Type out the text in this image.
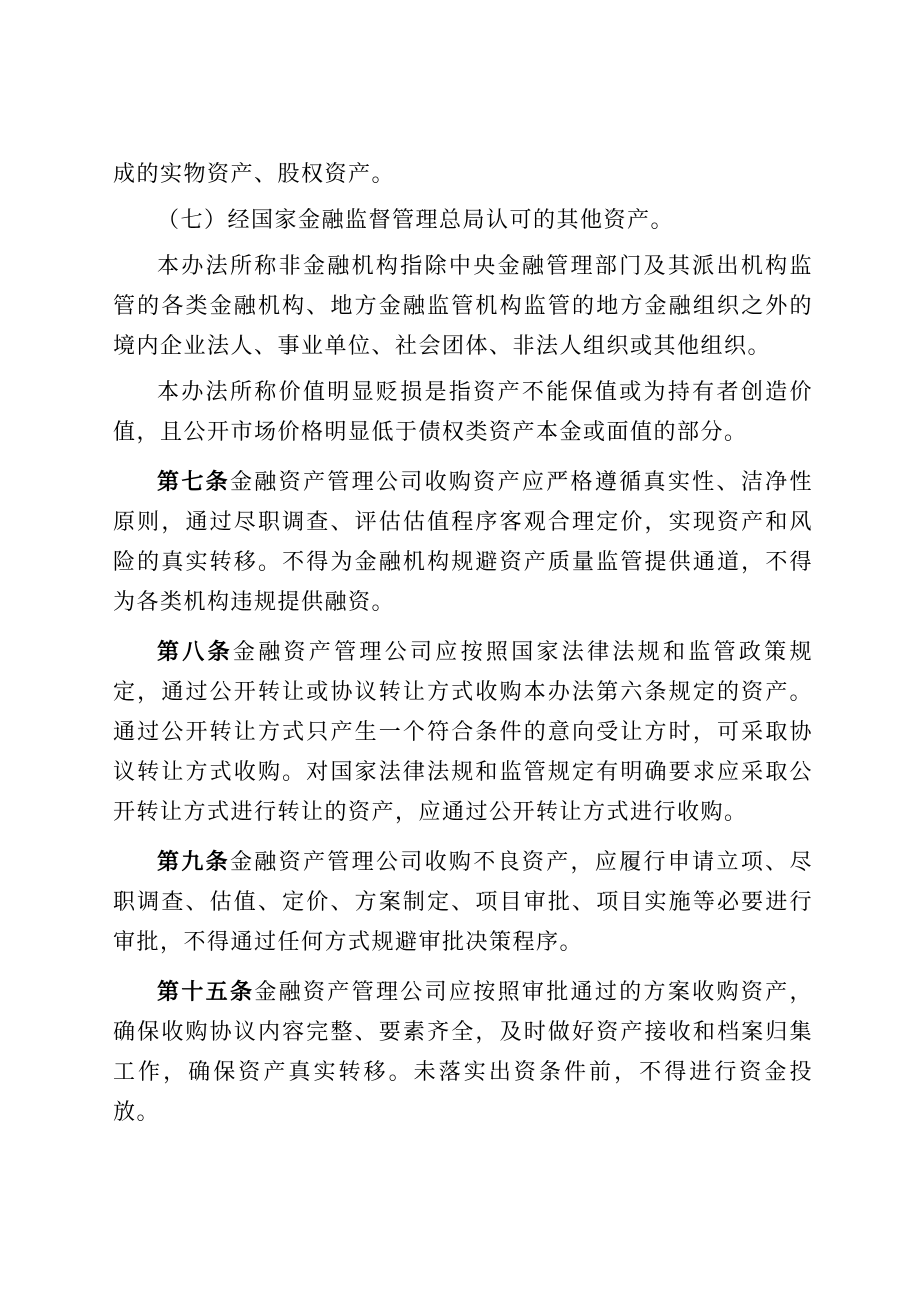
成的实物资产、股权资产。

（七）经国家金融监督管理总局认可的其他资产。

本办法所称非金融机构指除中央金融管理部门及其派出机构监管的各类金融机构、地方金融监管机构监管的地方金融组织之外的境内企业法人、事业单位、社会团体、非法人组织或其他组织。

本办法所称价值明显贬损是指资产不能保值或为持有者创造价值，且公开市场价格明显低于债权类资产本金或面值的部分。

第七条金融资产管理公司收购资产应严格遵循真实性、洁净性原则，通过尽职调查、评估估值程序客观合理定价，实现资产和风险的真实转移。不得为金融机构规避资产质量监管提供通道，不得为各类机构违规提供融资。

第八条金融资产管理公司应按照国家法律法规和监管政策规定，通过公开转让或协议转让方式收购本办法第六条规定的资产。通过公开转让方式只产生一个符合条件的意向受让方时，可采取协议转让方式收购。对国家法律法规和监管规定有明确要求应采取公开转让方式进行转让的资产，应通过公开转让方式进行收购。

第九条金融资产管理公司收购不良资产，应履行申请立项、尽职调查、估值、定价、方案制定、项目审批、项目实施等必要进行审批，不得通过任何方式规避审批决策程序。

第十五条金融资产管理公司应按照审批通过的方案收购资产，确保收购协议内容完整、要素齐全，及时做好资产接收和档案归集工作，确保资产真实转移。未落实出资条件前，不得进行资金投放。
